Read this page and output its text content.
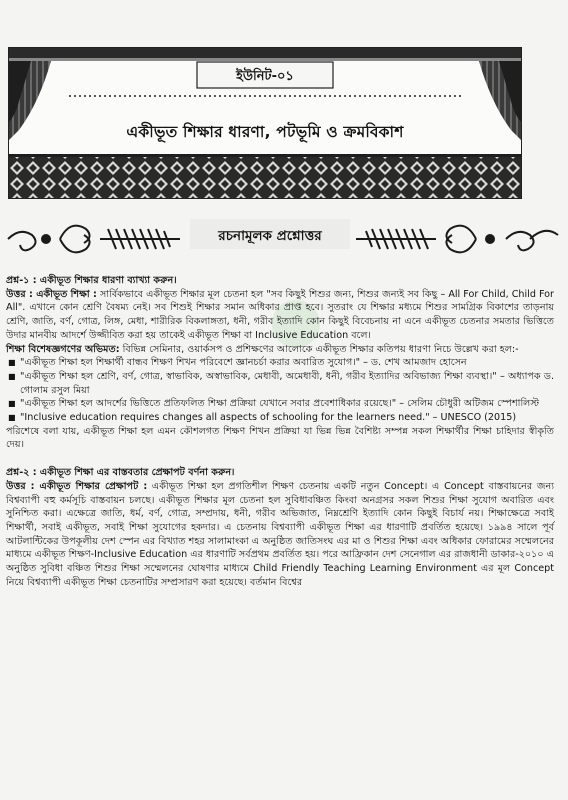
ইউনিট-০১
একীভূত শিক্ষার ধারণা, পটভূমি ও ক্রমবিকাশ
রচনামূলক প্রশ্নোত্তর

প্রশ্ন-১ : একীভূত শিক্ষার ধারণা ব্যাখ্যা করুন।

উত্তর : একীভূত শিক্ষা : সার্বিকভাবে একীভূত শিক্ষার মূল চেতনা হল "সব কিছুই শিশুর জন্য, শিশুর জন্যই সব কিছু – All For Child, Child For All". এখানে কোন শ্রেণি বৈষম্য নেই। সব শিশুই শিক্ষার সমান অধিকার প্রাপ্ত হবে। সুতরাং যে শিক্ষার মধ্যমে শিশুর সামগ্রিক বিকাশের তাড়নায় শ্রেণি, জাতি, বর্ণ, গোত্র, লিঙ্গ, মেধা, শারীরিক বিকলাঙ্গতা, ধনী, গরীব ইত্যাদি কোন কিছুই বিবেচনায় না এনে একীভূত চেতনার সমতার ভিত্তিতে উদার মানবীয় আদর্শে উজ্জীবিত করা হয় তাকেই একীভূত শিক্ষা বা Inclusive Education বলে।

শিক্ষা বিশেষজ্ঞগণের অভিমত: বিভিন্ন সেমিনার, ওয়ার্কসপ ও প্রশিক্ষণের আলোকে একীভূত শিক্ষার কতিপয় ধারণা নিচে উল্লেখ করা হল:-

■ "একীভূত শিক্ষা হল শিক্ষার্থী বান্ধব শিক্ষণ শিখন পরিবেশে জ্ঞানচর্চা করার অবারিত সুযোগ।" – ড. শেখ আমজাদ হোসেন
■ "একীভূত শিক্ষা হল শ্রেণি, বর্ণ, গোত্র, স্বাভাবিক, অস্বাভাবিক, মেধাবী, অমেধাবী, ধনী, গরীব ইত্যাদির অবিভাজ্য শিক্ষা ব্যবস্থা।" – অধ্যাপক ড. গোলাম রসুল মিয়া
■ "একীভূত শিক্ষা হল আদর্শের ভিত্তিতে প্রতিফলিত শিক্ষা প্রক্রিয়া যেখানে সবার প্রবেশাধিকার রয়েছে।" – সেলিম চৌধুরী অটিজম স্পেশালিস্ট
■ "Inclusive education requires changes all aspects of schooling for the learners need." – UNESCO (2015)

পরিশেষে বলা যায়, একীভূত শিক্ষা হল এমন কৌশলগত শিক্ষণ শিখন প্রক্রিয়া যা ভিন্ন ভিন্ন বৈশিষ্ট্য সম্পন্ন সকল শিক্ষার্থীর শিক্ষা চাহিদার স্বীকৃতি দেয়।

প্রশ্ন-২ : একীভূত শিক্ষা এর বাস্তবতার প্রেক্ষাপট বর্ণনা করুন।

উত্তর : একীভূত শিক্ষার প্রেক্ষাপট : একীভূত শিক্ষা হল প্রগতিশীল শিক্ষণ চেতনায় একটি নতুন Concept। এ Concept বাস্তবায়নের জন্য বিশ্বব্যাপী বহু কর্মসূচি বাস্তবায়ন চলছে। একীভূত শিক্ষার মূল চেতনা হল সুবিধাবঞ্চিত কিংবা অনগ্রসর সকল শিশুর শিক্ষা সুযোগ অবারিত এবং সুনিশ্চিত করা। এক্ষেত্রে জাতি, ধর্ম, বর্ণ, গোত্র, সম্প্রদায়, ধনী, গরীব অভিজাত, নিম্নশ্রেণি ইত্যাদি কোন কিছুই বিচার্য নয়। শিক্ষাক্ষেত্রে সবাই শিক্ষার্থী, সবাই একীভূত, সবাই শিক্ষা সুযোগের হকদার। এ চেতনায় বিশ্বব্যাপী একীভূত শিক্ষা এর ধারণাটি প্রবর্তিত হয়েছে। ১৯৯৪ সালে পূর্ব আটলান্টিকের উপকূলীয় দেশ স্পেন এর বিখ্যাত শহর সালামাংকা এ অনুষ্ঠিত জাতিসংঘ এর মা ও শিশুর শিক্ষা এবং অধিকার ফোরামের সম্মেলনের মাধ্যমে একীভূত শিক্ষণ-Inclusive Education এর ধারণাটি সর্বপ্রথম প্রবর্তিত হয়। পরে আফ্রিকান দেশ সেনেগাল এর রাজধানী ডাকার-২০১০ এ অনুষ্ঠিত সুবিধা বঞ্চিত শিশুর শিক্ষা সম্মেলনের ঘোষণার মাধ্যমে Child Friendly Teaching Learning Environment এর মূল Concept নিয়ে বিশ্বব্যাপী একীভূত শিক্ষা চেতনাটির সম্প্রসারণ করা হয়েছে। বর্তমান বিশ্বের
